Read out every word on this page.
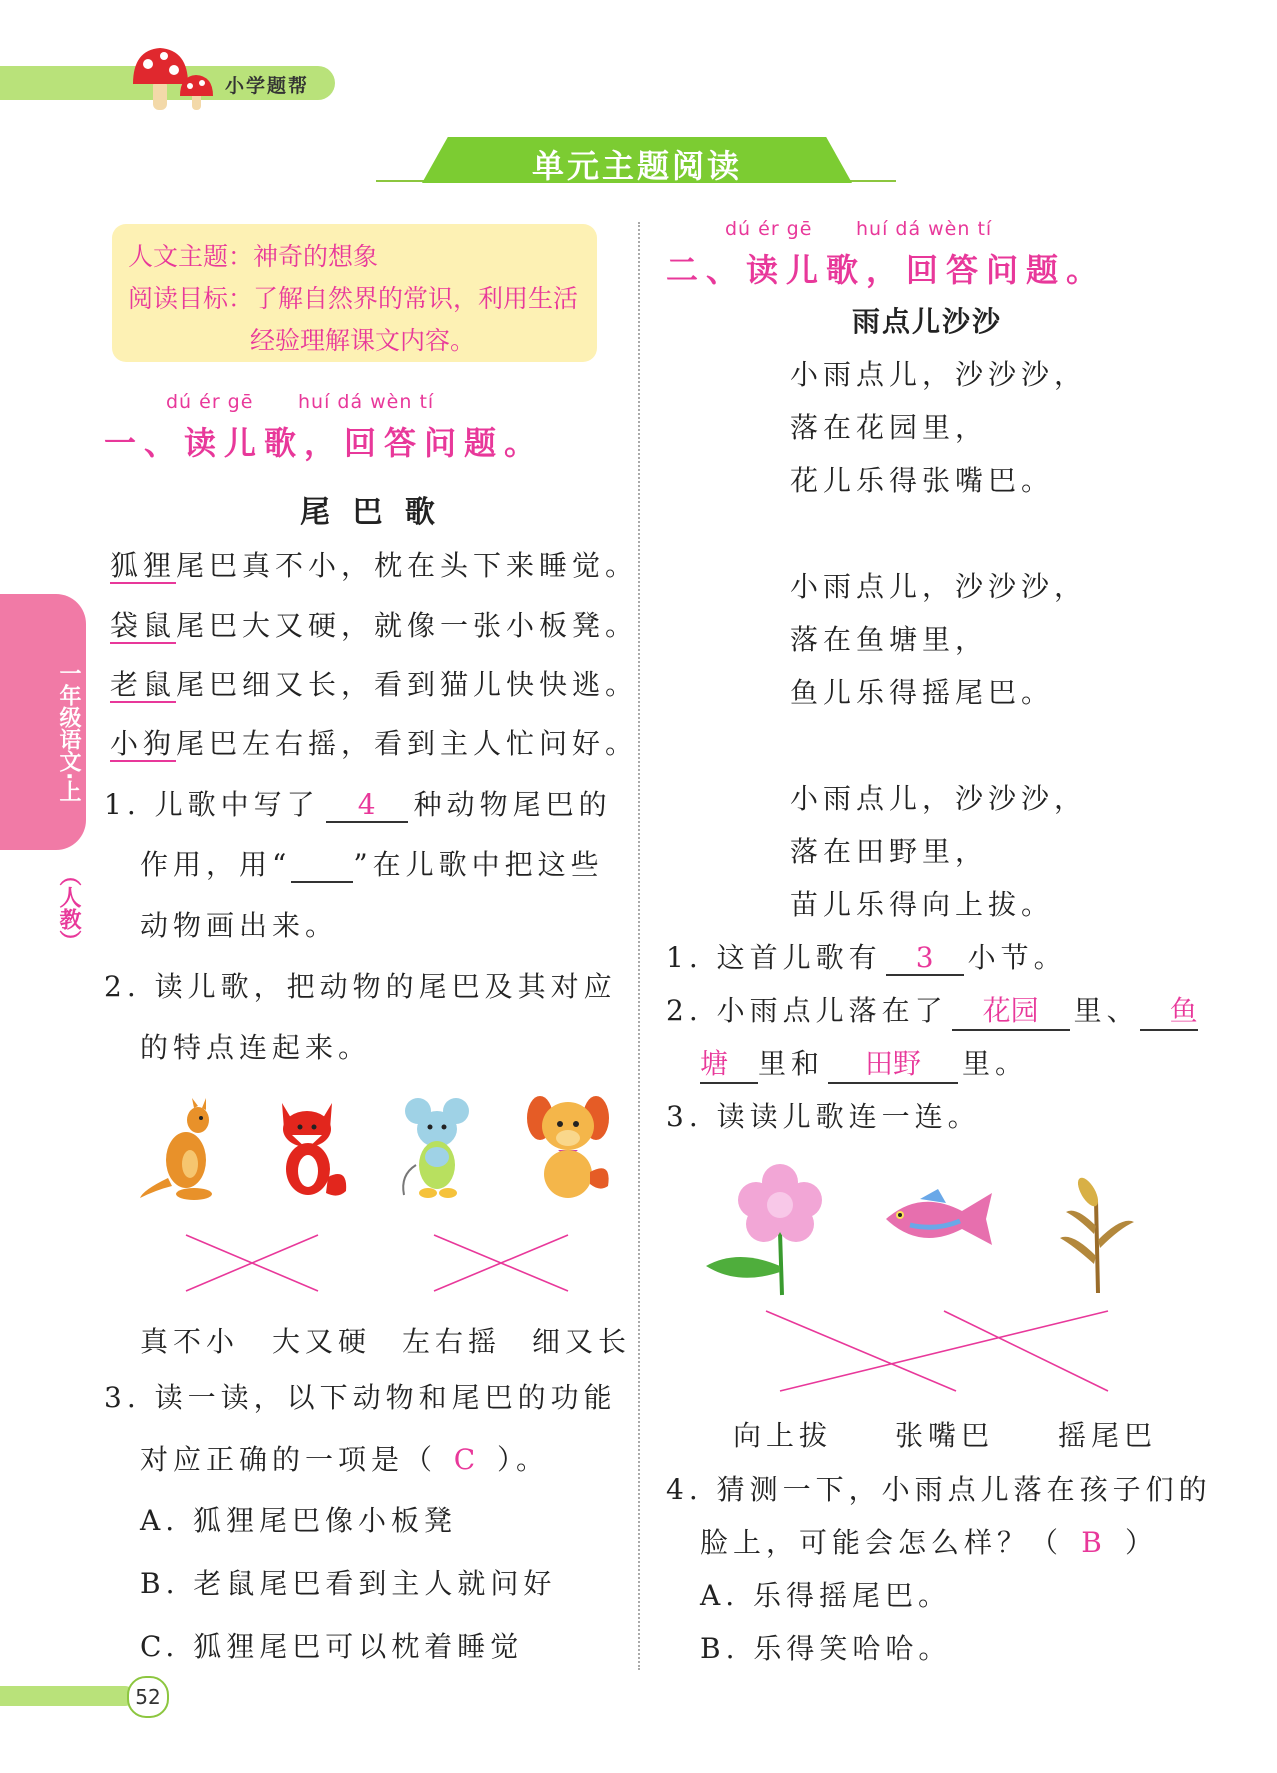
小学题帮
单元主题阅读
一年级语文·上
（人教）
52
人文主题：神奇的想象
阅读目标：了解自然界的常识，利用生活
经验理解课文内容。
dú ér gē huí dá wèn tí
一、读儿歌，回答问题。
尾 巴 歌
狐狸尾巴真不小，枕在头下来睡觉。
袋鼠尾巴大又硬，就像一张小板凳。
老鼠尾巴细又长，看到猫儿快快逃。
小狗尾巴左右摇，看到主人忙问好。
1. 儿歌中写了 4 种动物尾巴的
作用，用“ ”在儿歌中把这些
动物画出来。
2. 读儿歌，把动物的尾巴及其对应
的特点连起来。
真不小 大又硬 左右摇 细又长
3. 读一读，以下动物和尾巴的功能
对应正确的一项是（ C ）。
A. 狐狸尾巴像小板凳
B. 老鼠尾巴看到主人就问好
C. 狐狸尾巴可以枕着睡觉
dú ér gē huí dá wèn tí
二、读儿歌，回答问题。
雨点儿沙沙
小雨点儿，沙沙沙，
落在花园里，
花儿乐得张嘴巴。
小雨点儿，沙沙沙，
落在鱼塘里，
鱼儿乐得摇尾巴。
小雨点儿，沙沙沙，
落在田野里，
苗儿乐得向上拔。
1. 这首儿歌有 3 小节。
2. 小雨点儿落在了 花园 里、 鱼
塘 里和 田野 里。
3. 读读儿歌连一连。
向上拔 张嘴巴 摇尾巴
4. 猜测一下，小雨点儿落在孩子们的
脸上，可能会怎么样？（ B ）
A. 乐得摇尾巴。
B. 乐得笑哈哈。
